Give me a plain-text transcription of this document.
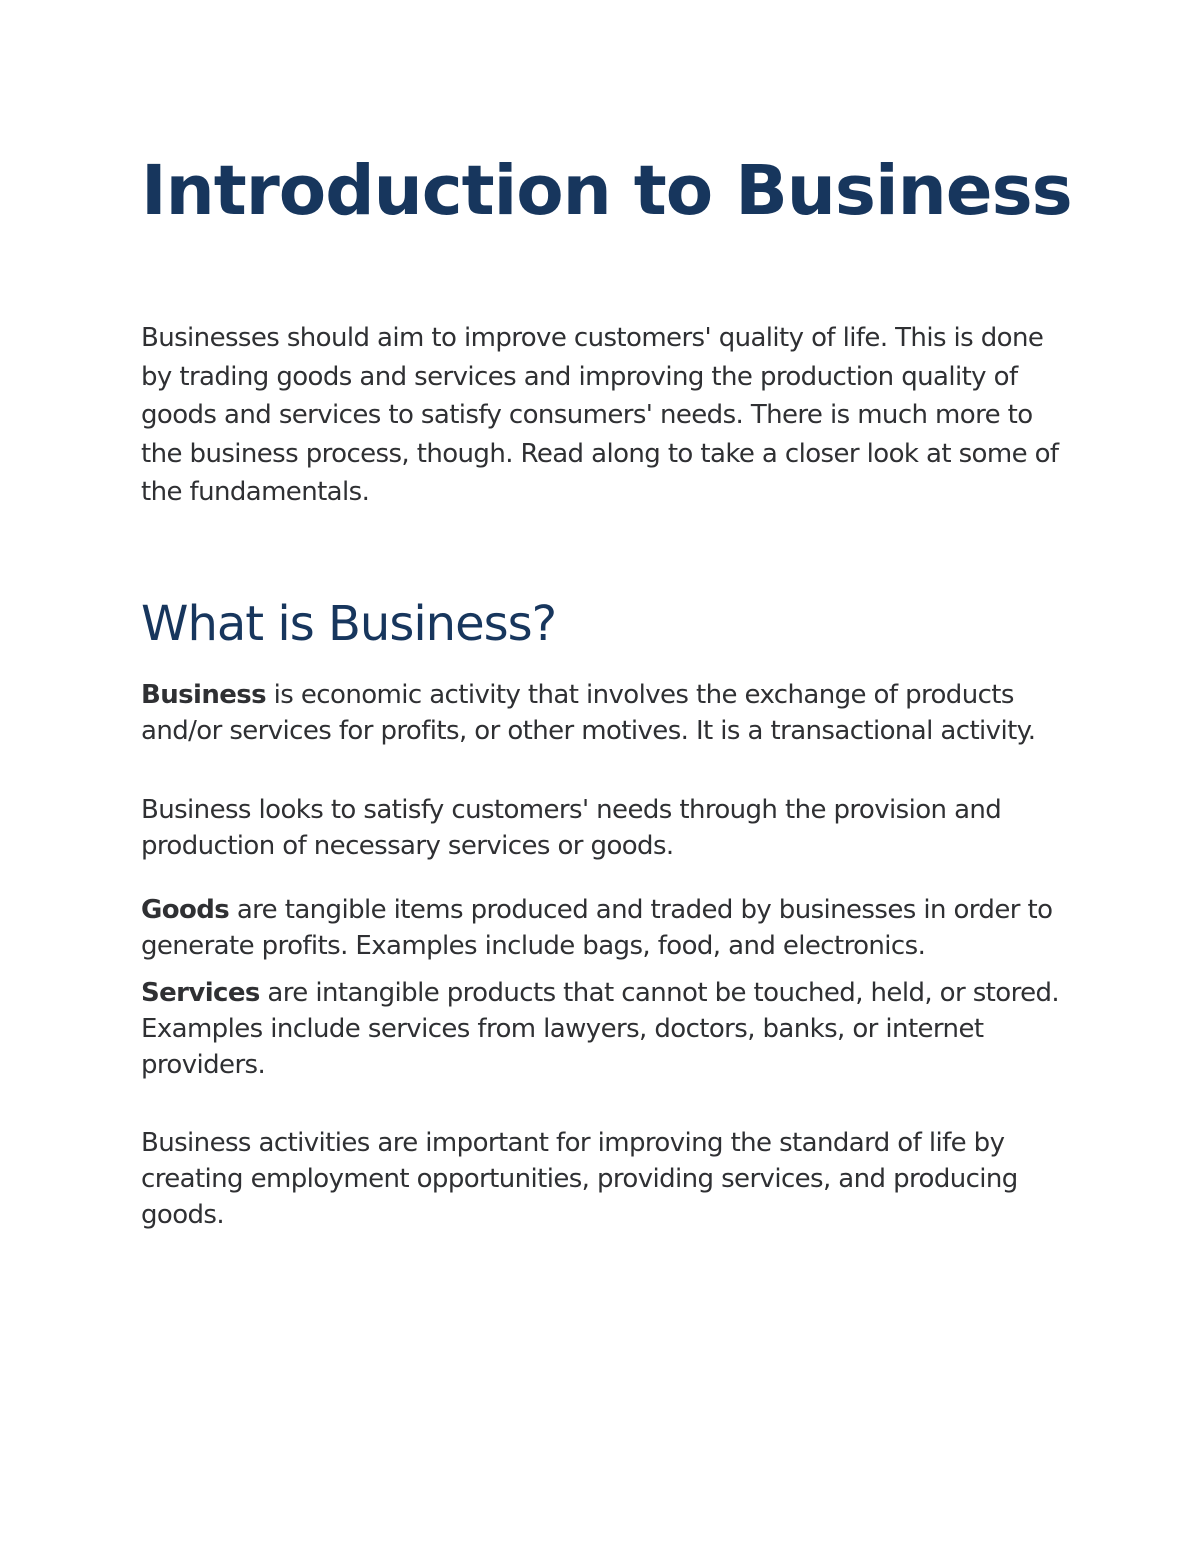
Introduction to Business

Businesses should aim to improve customers' quality of life. This is done by trading goods and services and improving the production quality of goods and services to satisfy consumers' needs. There is much more to the business process, though. Read along to take a closer look at some of the fundamentals.

What is Business?

Business is economic activity that involves the exchange of products and/or services for profits, or other motives. It is a transactional activity.

Business looks to satisfy customers' needs through the provision and production of necessary services or goods.

Goods are tangible items produced and traded by businesses in order to generate profits. Examples include bags, food, and electronics.

Services are intangible products that cannot be touched, held, or stored. Examples include services from lawyers, doctors, banks, or internet providers.

Business activities are important for improving the standard of life by creating employment opportunities, providing services, and producing goods.
